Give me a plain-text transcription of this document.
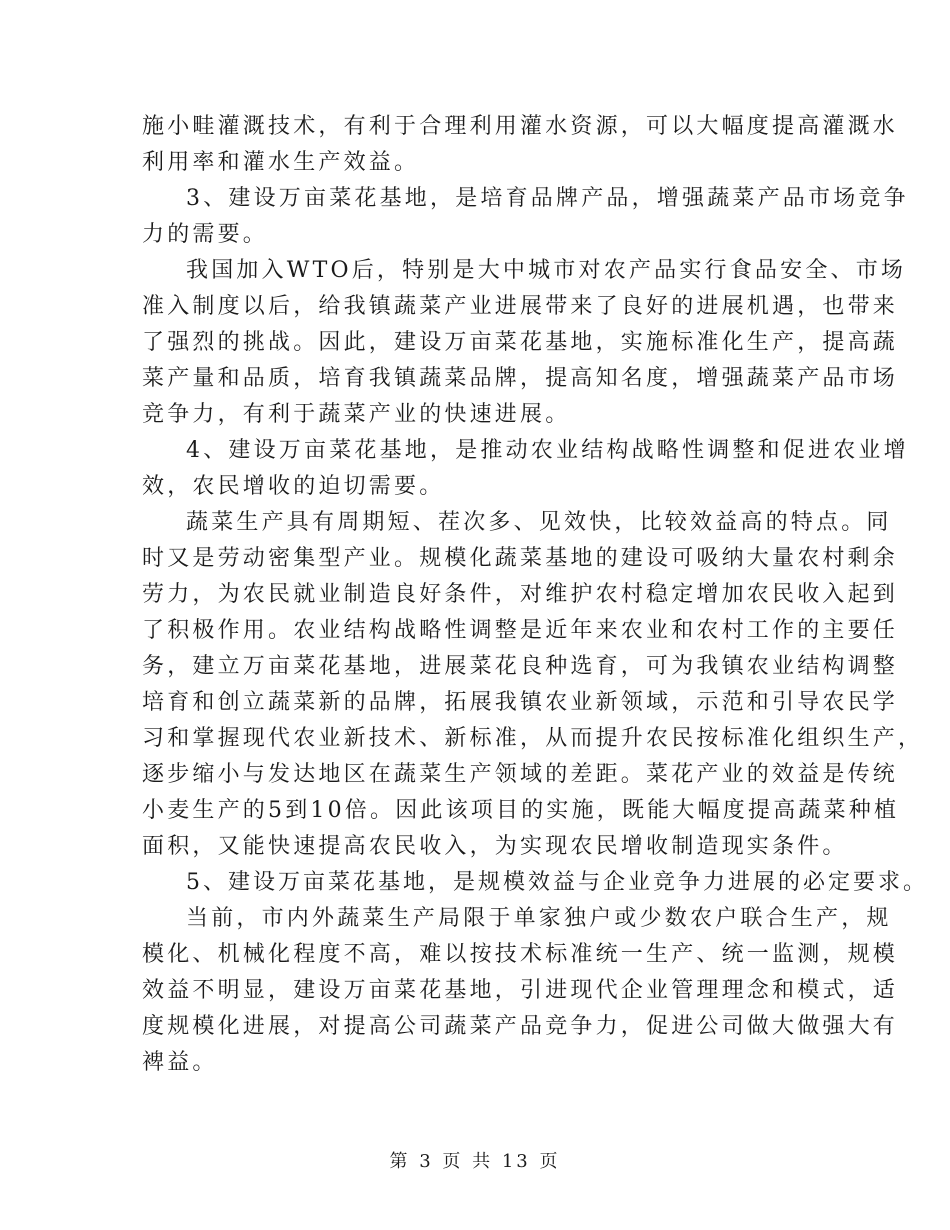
施小畦灌溉技术，有利于合理利用灌水资源，可以大幅度提高灌溉水
利用率和灌水生产效益。
3、建设万亩菜花基地，是培育品牌产品，增强蔬菜产品市场竞争
力的需要。
我国加入WTO后，特别是大中城市对农产品实行食品安全、市场
准入制度以后，给我镇蔬菜产业进展带来了良好的进展机遇，也带来
了强烈的挑战。因此，建设万亩菜花基地，实施标准化生产，提高蔬
菜产量和品质，培育我镇蔬菜品牌，提高知名度，增强蔬菜产品市场
竞争力，有利于蔬菜产业的快速进展。
4、建设万亩菜花基地，是推动农业结构战略性调整和促进农业增
效，农民增收的迫切需要。
蔬菜生产具有周期短、茬次多、见效快，比较效益高的特点。同
时又是劳动密集型产业。规模化蔬菜基地的建设可吸纳大量农村剩余
劳力，为农民就业制造良好条件，对维护农村稳定增加农民收入起到
了积极作用。农业结构战略性调整是近年来农业和农村工作的主要任
务，建立万亩菜花基地，进展菜花良种选育，可为我镇农业结构调整
培育和创立蔬菜新的品牌，拓展我镇农业新领域，示范和引导农民学
习和掌握现代农业新技术、新标准，从而提升农民按标准化组织生产，
逐步缩小与发达地区在蔬菜生产领域的差距。菜花产业的效益是传统
小麦生产的5到10倍。因此该项目的实施，既能大幅度提高蔬菜种植
面积，又能快速提高农民收入，为实现农民增收制造现实条件。
5、建设万亩菜花基地，是规模效益与企业竞争力进展的必定要求。
当前，市内外蔬菜生产局限于单家独户或少数农户联合生产，规
模化、机械化程度不高，难以按技术标准统一生产、统一监测，规模
效益不明显，建设万亩菜花基地，引进现代企业管理理念和模式，适
度规模化进展，对提高公司蔬菜产品竞争力，促进公司做大做强大有
裨益。
第 3 页 共 13 页
